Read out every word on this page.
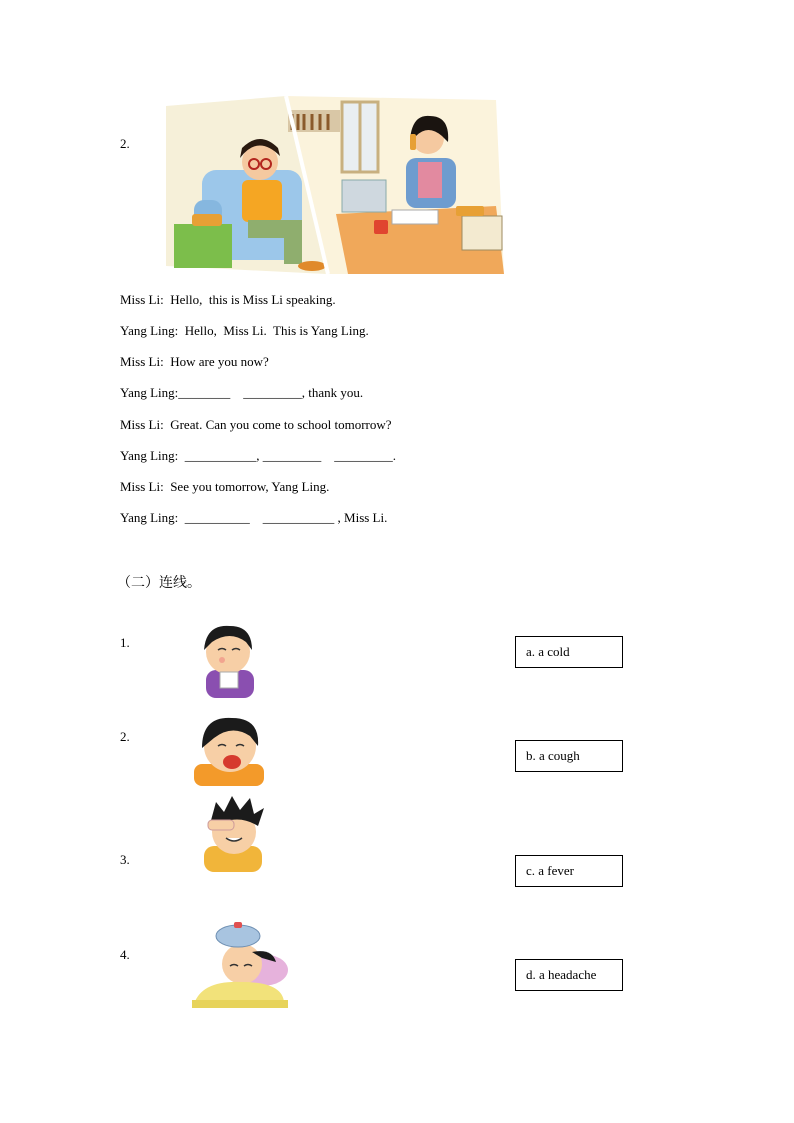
2.
Miss Li:  Hello,  this is Miss Li speaking.
Yang Ling:  Hello,  Miss Li.  This is Yang Ling.
Miss Li:  How are you now?
Yang Ling:________    _________, thank you.
Miss Li:  Great. Can you come to school tomorrow?
Yang Ling:  ___________, _________    _________.
Miss Li:  See you tomorrow, Yang Ling.
Yang Ling:  __________    ___________ , Miss Li.
（二）连线。
1.
2.
3.
4.
a. a cold
b. a cough
c. a fever
d. a headache
